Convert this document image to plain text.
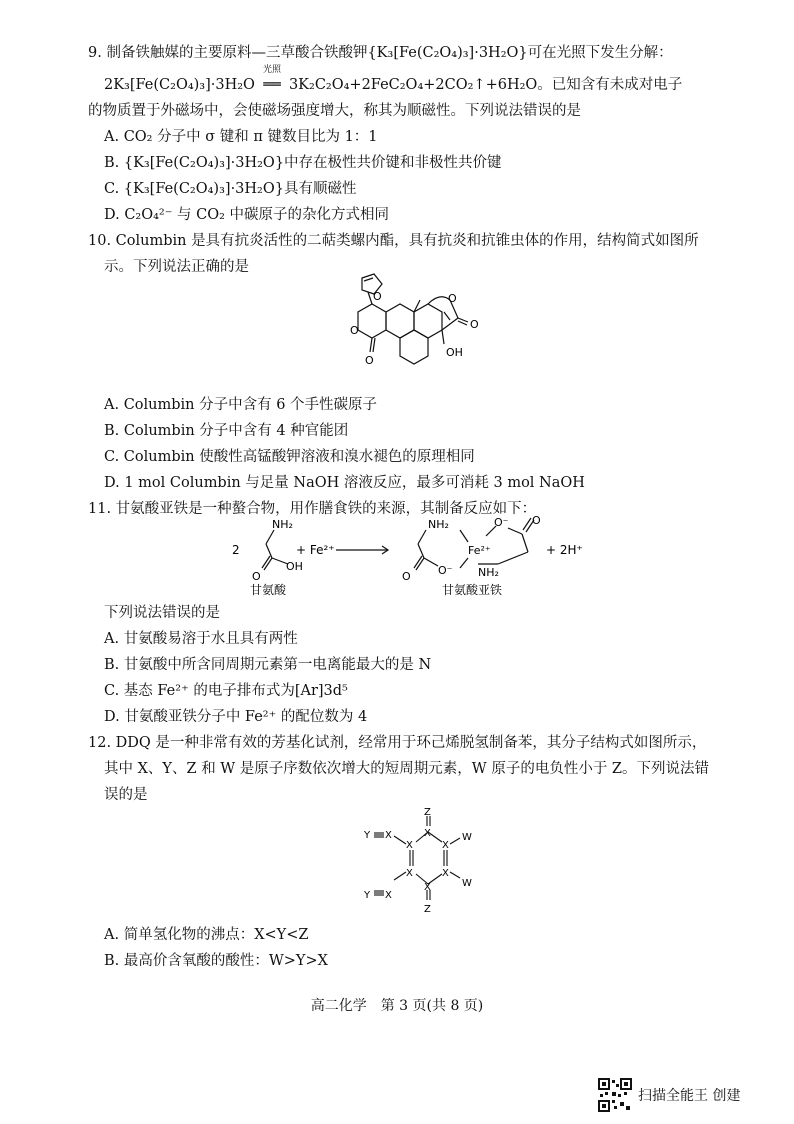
9. 制备铁触媒的主要原料—三草酸合铁酸钾{K₃[Fe(C₂O₄)₃]·3H₂O}可在光照下发生分解：
2K₃[Fe(C₂O₄)₃]·3H₂O
光照
══ 3K₂C₂O₄+2FeC₂O₄+2CO₂↑+6H₂O。已知含有未成对电子
的物质置于外磁场中，会使磁场强度增大，称其为顺磁性。下列说法错误的是
A. CO₂ 分子中 σ 键和 π 键数目比为 1：1
B. {K₃[Fe(C₂O₄)₃]·3H₂O}中存在极性共价键和非极性共价键
C. {K₃[Fe(C₂O₄)₃]·3H₂O}具有顺磁性
D. C₂O₄²⁻ 与 CO₂ 中碳原子的杂化方式相同
10. Columbin 是具有抗炎活性的二萜类螺内酯，具有抗炎和抗锥虫体的作用，结构简式如图所
示。下列说法正确的是
O
O
O
O
O
OH
A. Columbin 分子中含有 6 个手性碳原子
B. Columbin 分子中含有 4 种官能团
C. Columbin 使酸性高锰酸钾溶液和溴水褪色的原理相同
D. 1 mol Columbin 与足量 NaOH 溶液反应，最多可消耗 3 mol NaOH
11. 甘氨酸亚铁是一种螯合物，用作膳食铁的来源，其制备反应如下：
2
NH₂
O
OH
+ Fe²⁺
NH₂
O O⁻
Fe²⁺
O⁻
NH₂
O
+ 2H⁺
甘氨酸	甘氨酸亚铁
下列说法错误的是
A. 甘氨酸易溶于水且具有两性
B. 甘氨酸中所含同周期元素第一电离能最大的是 N
C. 基态 Fe²⁺ 的电子排布式为[Ar]3d⁵
D. 甘氨酸亚铁分子中 Fe²⁺ 的配位数为 4
12. DDQ 是一种非常有效的芳基化试剂，经常用于环己烯脱氢制备苯，其分子结构式如图所示，
其中 X、Y、Z 和 W 是原子序数依次增大的短周期元素，W 原子的电负性小于 Z。下列说法错
误的是
Z
X
X
W
X
W
X
Z
X
X
X
Y
X
Y
A. 简单氢化物的沸点：X<Y<Z
B. 最高价含氧酸的酸性：W>Y>X
高二化学　第 3 页(共 8 页)
扫描全能王 创建
